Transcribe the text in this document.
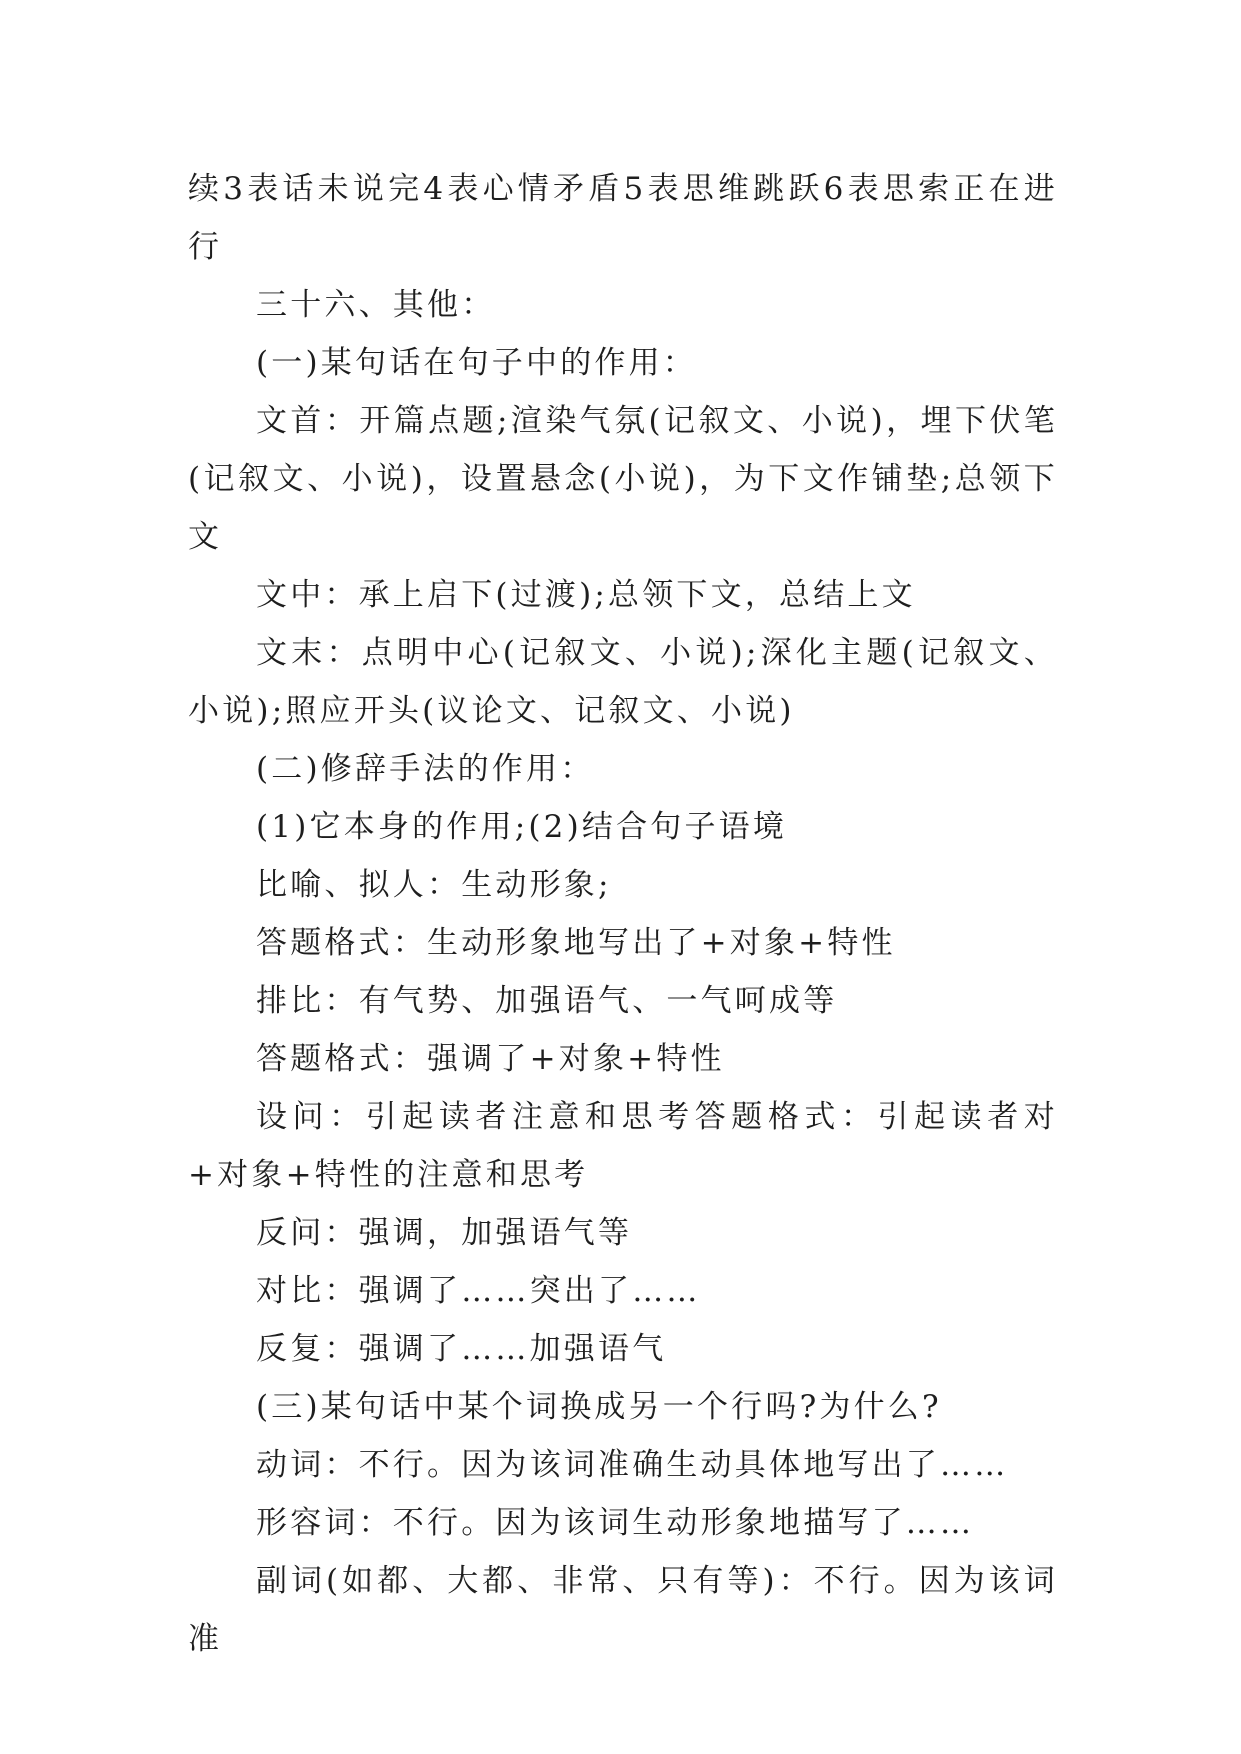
续3表话未说完4表心情矛盾5表思维跳跃6表思索正在进行

三十六、其他：

(一)某句话在句子中的作用：

文首：开篇点题;渲染气氛(记叙文、小说)，埋下伏笔(记叙文、小说)，设置悬念(小说)，为下文作铺垫;总领下文

文中：承上启下(过渡);总领下文，总结上文

文末：点明中心(记叙文、小说);深化主题(记叙文、小说);照应开头(议论文、记叙文、小说)

(二)修辞手法的作用：

(1)它本身的作用;(2)结合句子语境

比喻、拟人：生动形象;

答题格式：生动形象地写出了+对象+特性

排比：有气势、加强语气、一气呵成等

答题格式：强调了+对象+特性

设问：引起读者注意和思考答题格式：引起读者对+对象+特性的注意和思考

反问：强调，加强语气等

对比：强调了……突出了……

反复：强调了……加强语气

(三)某句话中某个词换成另一个行吗?为什么?

动词：不行。因为该词准确生动具体地写出了……

形容词：不行。因为该词生动形象地描写了……

副词(如都、大都、非常、只有等)：不行。因为该词准
